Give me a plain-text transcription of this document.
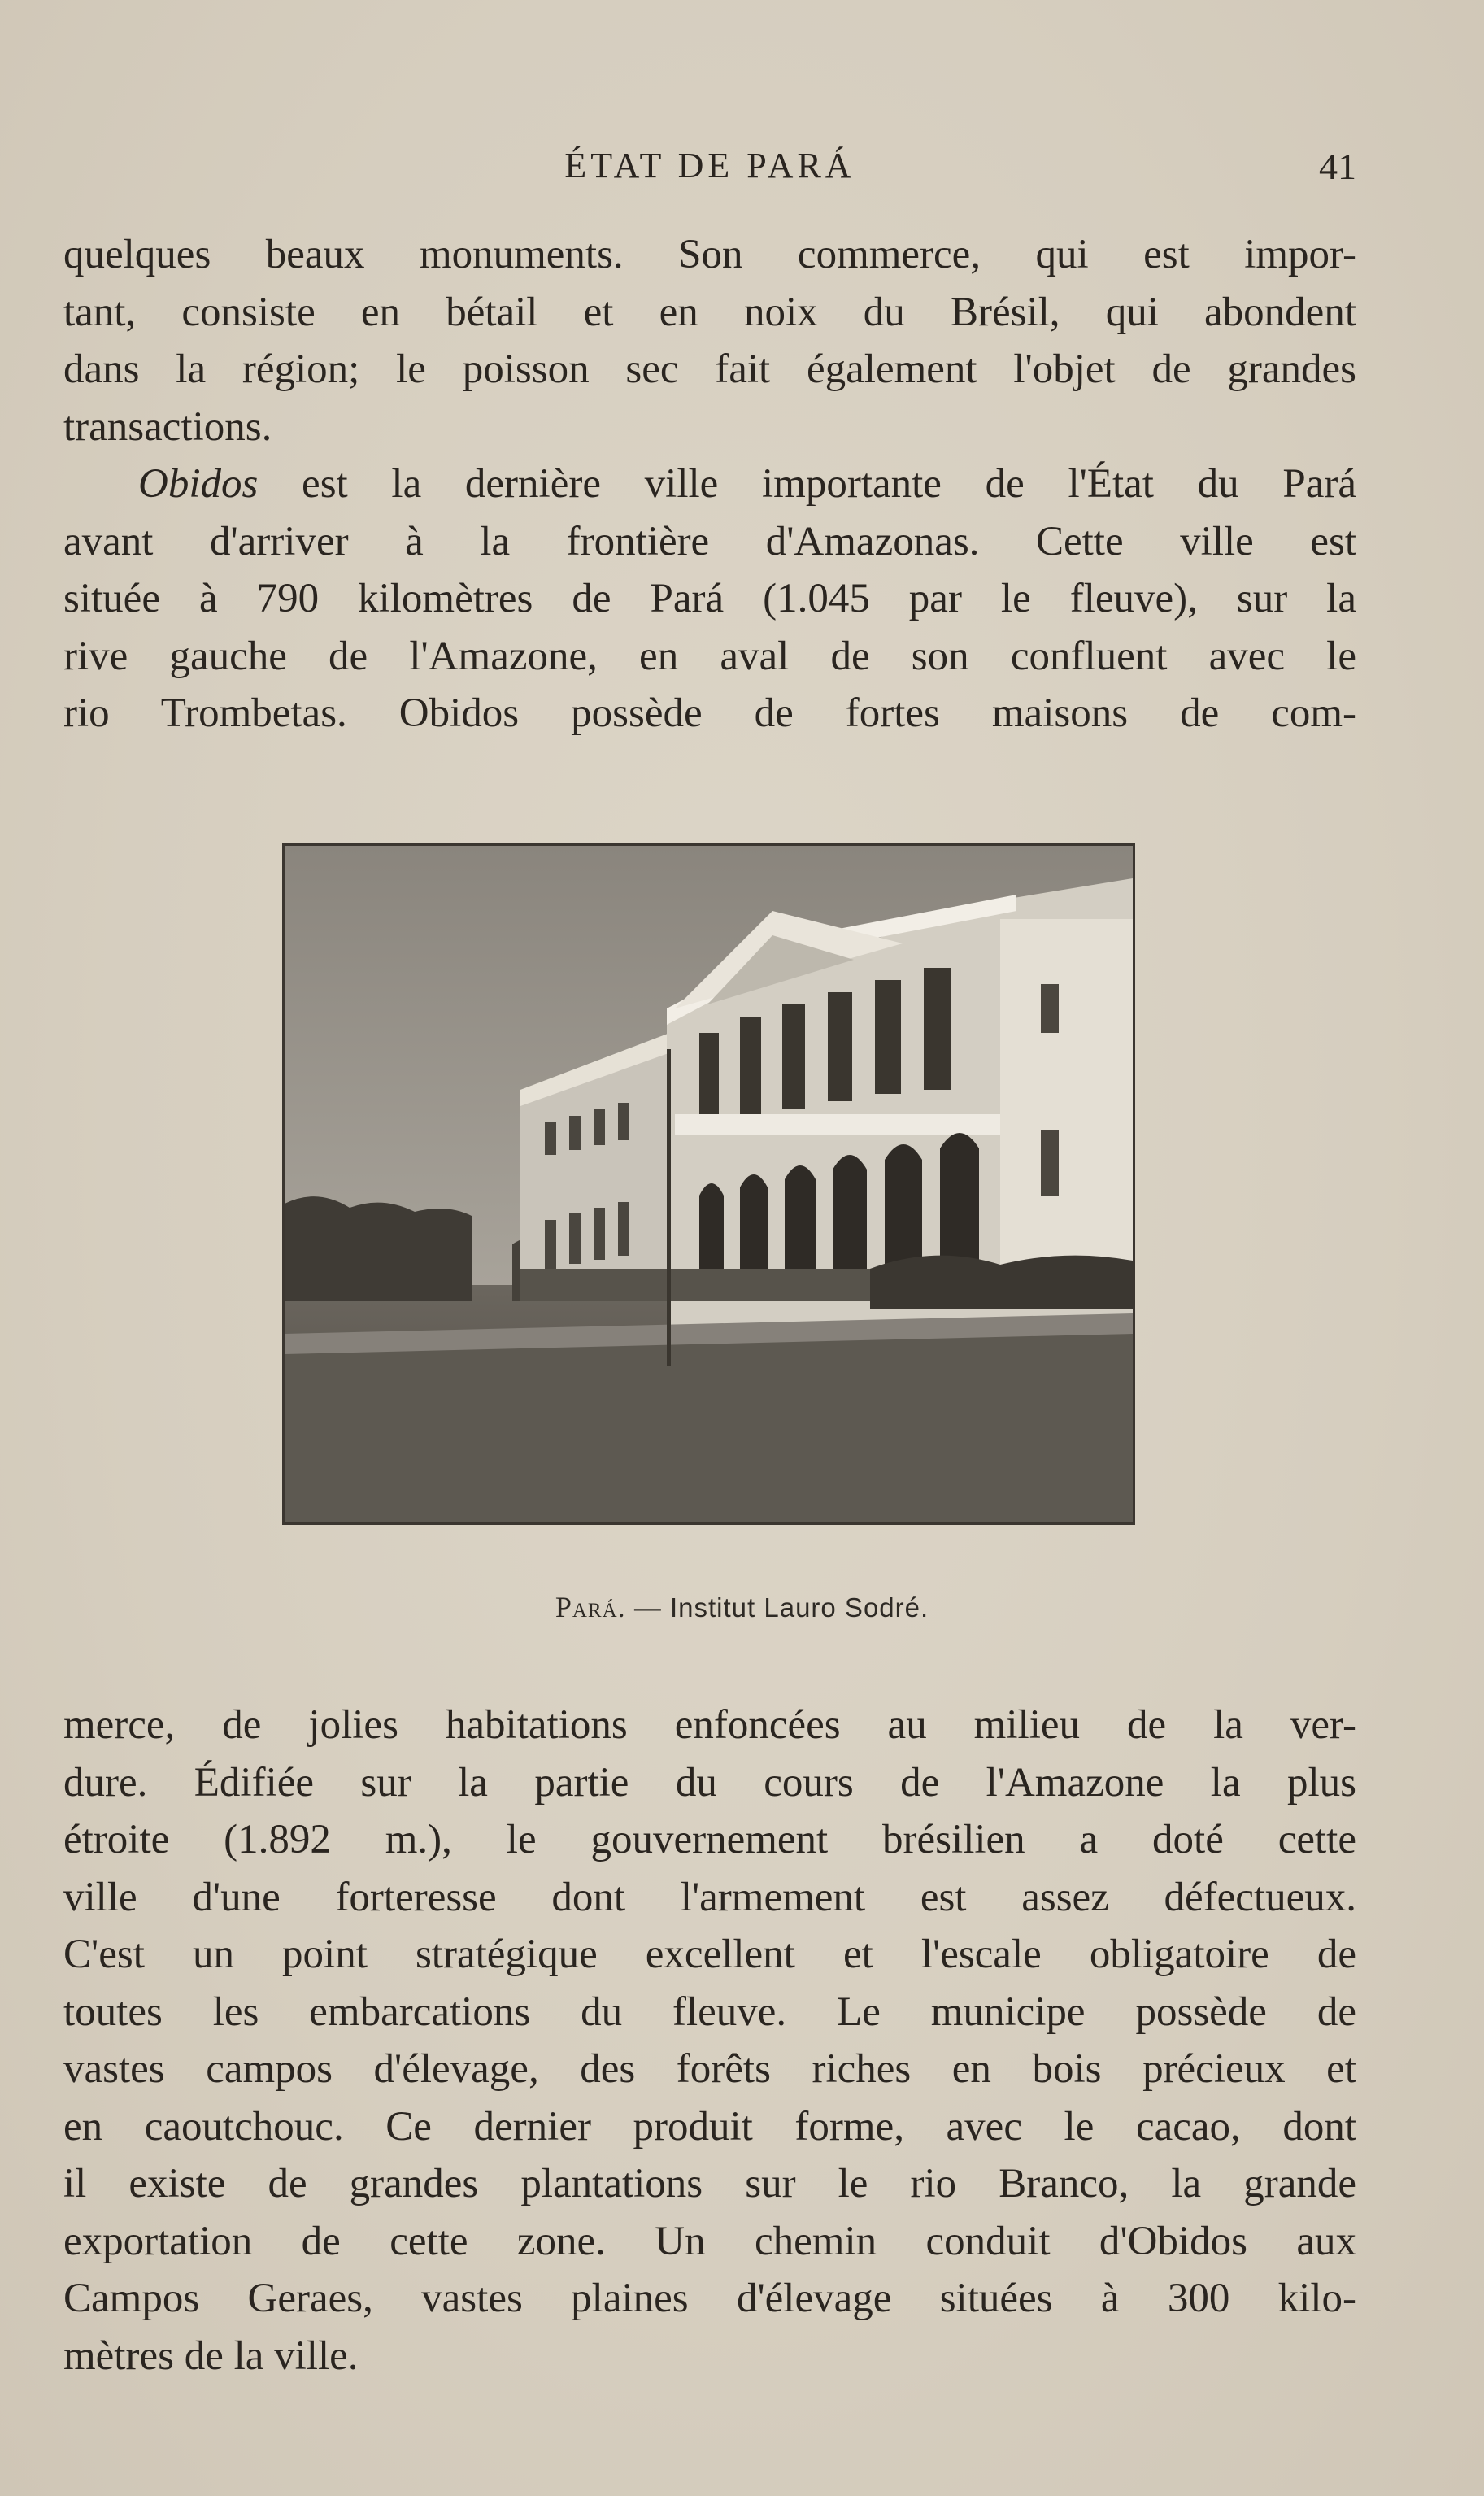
ÉTAT DE PARÁ	41

quelques beaux monuments. Son commerce, qui est impor-

tant, consiste en bétail et en noix du Brésil, qui abondent

dans la région; le poisson sec fait également l'objet de grandes

transactions.

Obidos est la dernière ville importante de l'État du Pará

avant d'arriver à la frontière d'Amazonas. Cette ville est

située à 790 kilomètres de Pará (1.045 par le fleuve), sur la

rive gauche de l'Amazone, en aval de son confluent avec le

rio Trombetas. Obidos possède de fortes maisons de com-

Pará. — Institut Lauro Sodré.

merce, de jolies habitations enfoncées au milieu de la ver-

dure. Édifiée sur la partie du cours de l'Amazone la plus

étroite (1.892 m.), le gouvernement brésilien a doté cette

ville d'une forteresse dont l'armement est assez défectueux.

C'est un point stratégique excellent et l'escale obligatoire de

toutes les embarcations du fleuve. Le municipe possède de

vastes campos d'élevage, des forêts riches en bois précieux et

en caoutchouc. Ce dernier produit forme, avec le cacao, dont

il existe de grandes plantations sur le rio Branco, la grande

exportation de cette zone. Un chemin conduit d'Obidos aux

Campos Geraes, vastes plaines d'élevage situées à 300 kilo-

mètres de la ville.
